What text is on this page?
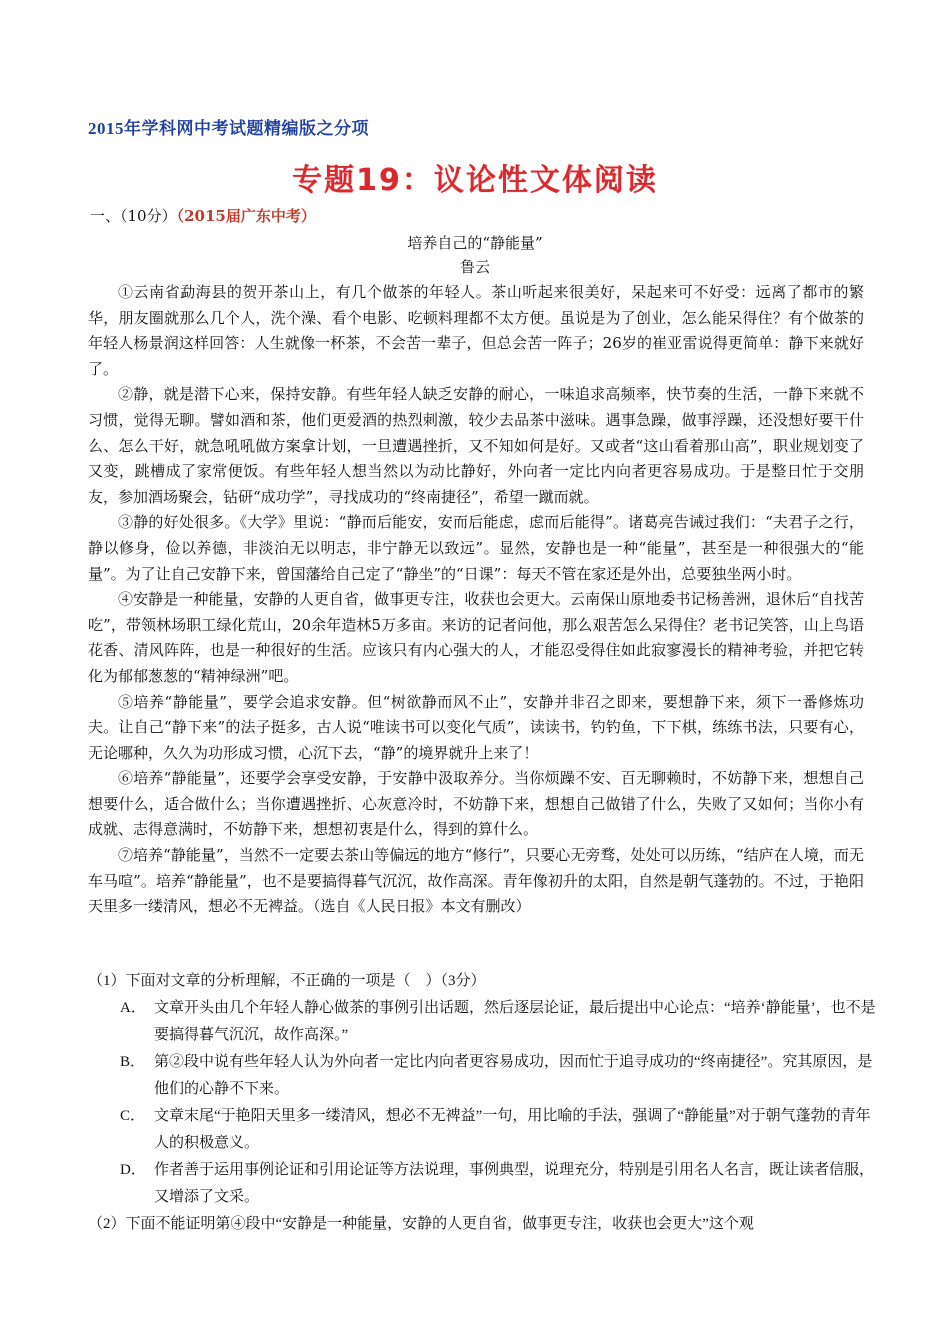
2015年学科网中考试题精编版之分项
专题19：议论性文体阅读
一、（10分）（2015届广东中考）
培养自己的“静能量”
鲁云

①云南省勐海县的贺开茶山上，有几个做茶的年轻人。茶山听起来很美好，呆起来可不好受：远离了都市的繁华，朋友圈就那么几个人，洗个澡、看个电影、吃顿料理都不太方便。虽说是为了创业，怎么能呆得住？有个做茶的年轻人杨景润这样回答：人生就像一杯茶，不会苦一辈子，但总会苦一阵子；26岁的崔亚雷说得更简单：静下来就好了。

②静，就是潜下心来，保持安静。有些年轻人缺乏安静的耐心，一味追求高频率，快节奏的生活，一静下来就不习惯，觉得无聊。譬如酒和茶，他们更爱酒的热烈刺激，较少去品茶中滋味。遇事急躁，做事浮躁，还没想好要干什么、怎么干好，就急吼吼做方案拿计划，一旦遭遇挫折，又不知如何是好。又或者“这山看着那山高”，职业规划变了又变，跳槽成了家常便饭。有些年轻人想当然以为动比静好，外向者一定比内向者更容易成功。于是整日忙于交朋友，参加酒场聚会，钻研“成功学”，寻找成功的“终南捷径”，希望一蹴而就。

③静的好处很多。《大学》里说：“静而后能安，安而后能虑，虑而后能得”。诸葛亮告诫过我们：“夫君子之行，静以修身，俭以养德，非淡泊无以明志，非宁静无以致远”。显然，安静也是一种“能量”，甚至是一种很强大的“能量”。为了让自己安静下来，曾国藩给自己定了“静坐”的“日课”：每天不管在家还是外出，总要独坐两小时。

④安静是一种能量，安静的人更自省，做事更专注，收获也会更大。云南保山原地委书记杨善洲，退休后“自找苦吃”，带领林场职工绿化荒山，20余年造林5万多亩。来访的记者问他，那么艰苦怎么呆得住？老书记笑答，山上鸟语花香、清风阵阵，也是一种很好的生活。应该只有内心强大的人，才能忍受得住如此寂寥漫长的精神考验，并把它转化为郁郁葱葱的“精神绿洲”吧。

⑤培养“静能量”，要学会追求安静。但“树欲静而风不止”，安静并非召之即来，要想静下来，须下一番修炼功夫。让自己“静下来”的法子挺多，古人说“唯读书可以变化气质”，读读书，钓钓鱼，下下棋，练练书法，只要有心，无论哪种，久久为功形成习惯，心沉下去，“静”的境界就升上来了！

⑥培养“静能量”，还要学会享受安静，于安静中汲取养分。当你烦躁不安、百无聊赖时，不妨静下来，想想自己想要什么，适合做什么；当你遭遇挫折、心灰意冷时，不妨静下来，想想自己做错了什么，失败了又如何；当你小有成就、志得意满时，不妨静下来，想想初衷是什么，得到的算什么。

⑦培养“静能量”，当然不一定要去茶山等偏远的地方“修行”，只要心无旁骛，处处可以历练，“结庐在人境，而无车马喧”。培养“静能量”，也不是要搞得暮气沉沉，故作高深。青年像初升的太阳，自然是朝气蓬勃的。不过，于艳阳天里多一缕清风，想必不无裨益。（选自《人民日报》本文有删改）

（1）下面对文章的分析理解，不正确的一项是（　）（3分）

A． 文章开头由几个年轻人静心做茶的事例引出话题，然后逐层论证，最后提出中心论点：“培养‘静能量’，也不是要搞得暮气沉沉，故作高深。”

B． 第②段中说有些年轻人认为外向者一定比内向者更容易成功，因而忙于追寻成功的“终南捷径”。究其原因，是他们的心静不下来。

C． 文章末尾“于艳阳天里多一缕清风，想必不无裨益”一句，用比喻的手法，强调了“静能量”对于朝气蓬勃的青年人的积极意义。

D． 作者善于运用事例论证和引用论证等方法说理，事例典型，说理充分，特别是引用名人名言，既让读者信服，又增添了文采。

（2）下面不能证明第④段中“安静是一种能量，安静的人更自省，做事更专注，收获也会更大”这个观
